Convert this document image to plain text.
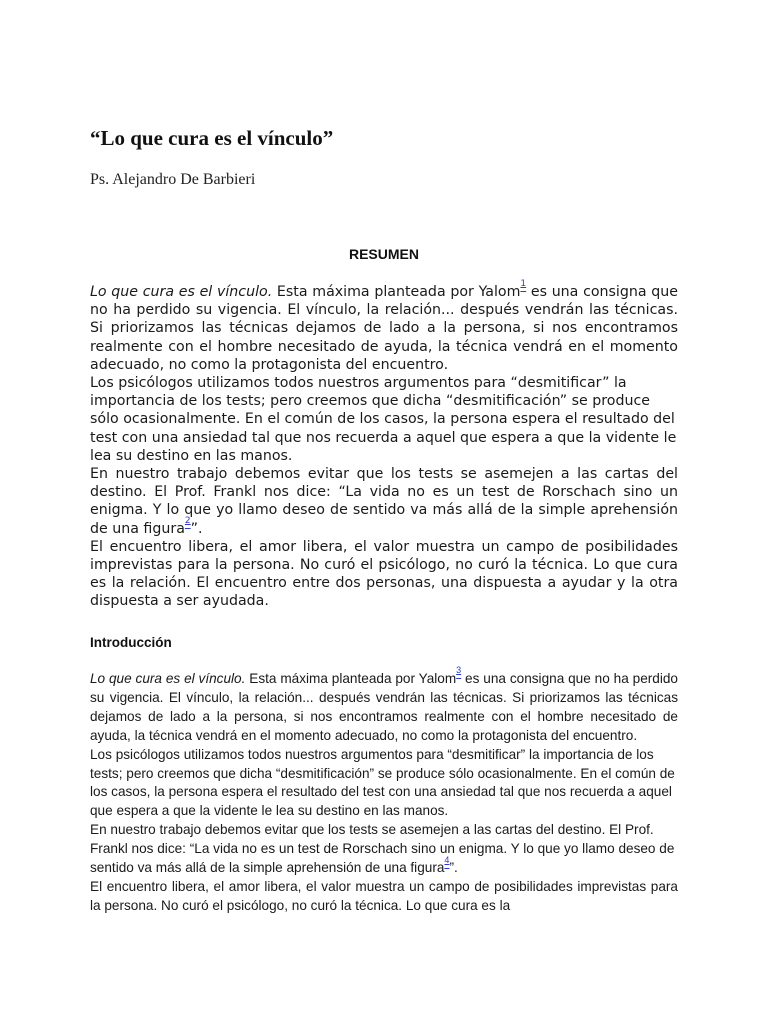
“Lo que cura es el vínculo”

Ps. Alejandro De Barbieri

RESUMEN

Lo que cura es el vínculo. Esta máxima planteada por Yalom$^1$ es una consigna que no ha perdido su vigencia. El vínculo, la relación... después vendrán las técnicas. Si priorizamos las técnicas dejamos de lado a la persona, si nos encontramos realmente con el hombre necesitado de ayuda, la técnica vendrá en el momento adecuado, no como la protagonista del encuentro.

Los psicólogos utilizamos todos nuestros argumentos para “desmitificar” la importancia de los tests; pero creemos que dicha “desmitificación” se produce sólo ocasionalmente. En el común de los casos, la persona espera el resultado del test con una ansiedad tal que nos recuerda a aquel que espera a que la vidente le lea su destino en las manos.

En nuestro trabajo debemos evitar que los tests se asemejen a las cartas del destino. El Prof. Frankl nos dice: “La vida no es un test de Rorschach sino un enigma. Y lo que yo llamo deseo de sentido va más allá de la simple aprehensión de una figura$^2$”.

El encuentro libera, el amor libera, el valor muestra un campo de posibilidades imprevistas para la persona. No curó el psicólogo, no curó la técnica. Lo que cura es la relación. El encuentro entre dos personas, una dispuesta a ayudar y la otra dispuesta a ser ayudada.

Introducción

Lo que cura es el vínculo. Esta máxima planteada por Yalom$^3$ es una consigna que no ha perdido su vigencia. El vínculo, la relación... después vendrán las técnicas. Si priorizamos las técnicas dejamos de lado a la persona, si nos encontramos realmente con el hombre necesitado de ayuda, la técnica vendrá en el momento adecuado, no como la protagonista del encuentro.

Los psicólogos utilizamos todos nuestros argumentos para “desmitificar” la importancia de los tests; pero creemos que dicha “desmitificación” se produce sólo ocasionalmente. En el común de los casos, la persona espera el resultado del test con una ansiedad tal que nos recuerda a aquel que espera a que la vidente le lea su destino en las manos.

En nuestro trabajo debemos evitar que los tests se asemejen a las cartas del destino. El Prof. Frankl nos dice: “La vida no es un test de Rorschach sino un enigma. Y lo que yo llamo deseo de sentido va más allá de la simple aprehensión de una figura$^4$”.

El encuentro libera, el amor libera, el valor muestra un campo de posibilidades imprevistas para la persona. No curó el psicólogo, no curó la técnica. Lo que cura es la
